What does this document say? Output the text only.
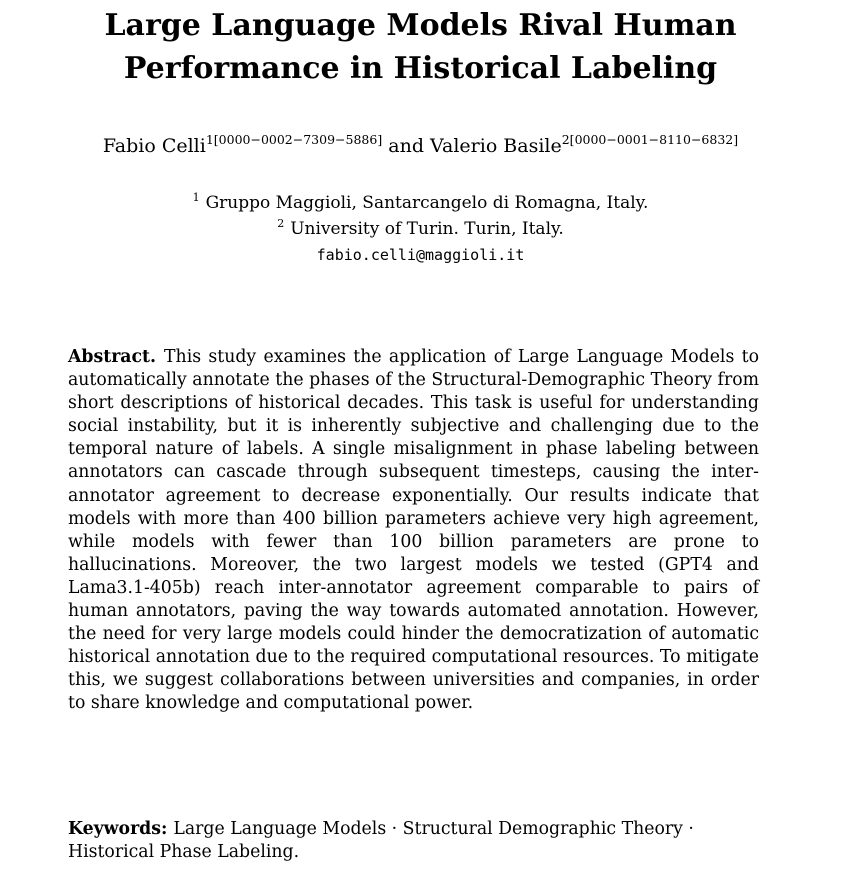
Large Language Models Rival Human
Performance in Historical Labeling
Fabio Celli$^{1[0000-0002-7309-5886]}$ and Valerio Basile$^{2[0000-0001-8110-6832]}$
$^1$ Gruppo Maggioli, Santarcangelo di Romagna, Italy.
$^2$ University of Turin. Turin, Italy.
fabio.celli@maggioli.it
Abstract. This study examines the application of Large Language Models to automatically annotate the phases of the Structural-Demographic Theory from short descriptions of historical decades. This task is useful for understanding social instability, but it is inherently subjective and challenging due to the temporal nature of labels. A single misalignment in phase labeling between annotators can cascade through subsequent timesteps, causing the inter-annotator agreement to decrease exponentially. Our results indicate that models with more than 400 billion parameters achieve very high agreement, while models with fewer than 100 billion parameters are prone to hallucinations. Moreover, the two largest models we tested (GPT4 and Lama3.1-405b) reach inter-annotator agreement comparable to pairs of human annotators, paving the way towards automated annotation. However, the need for very large models could hinder the democratization of automatic historical annotation due to the required computational resources. To mitigate this, we suggest collaborations between universities and companies, in order to share knowledge and computational power.
Keywords: Large Language Models · Structural Demographic Theory · Historical Phase Labeling.
